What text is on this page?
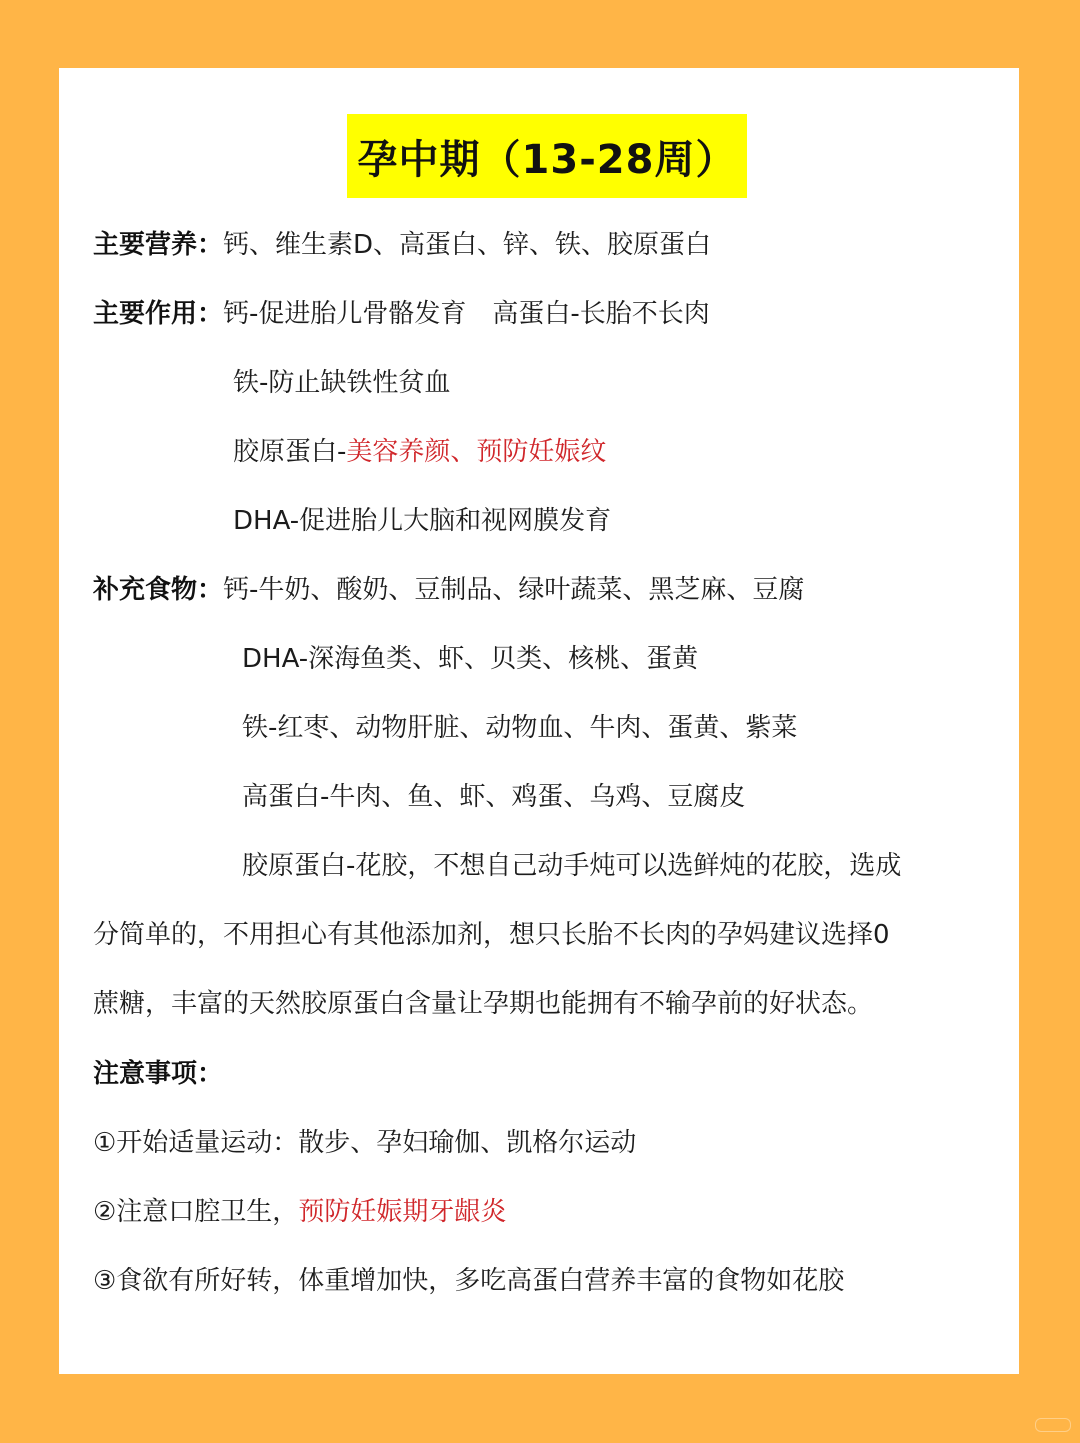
孕中期（13-28周）
主要营养：钙、维生素D、高蛋白、锌、铁、胶原蛋白
主要作用：钙-促进胎儿骨骼发育　高蛋白-长胎不长肉
铁-防止缺铁性贫血
胶原蛋白-美容养颜、预防妊娠纹
DHA-促进胎儿大脑和视网膜发育
补充食物：钙-牛奶、酸奶、豆制品、绿叶蔬菜、黑芝麻、豆腐
DHA-深海鱼类、虾、贝类、核桃、蛋黄
铁-红枣、动物肝脏、动物血、牛肉、蛋黄、紫菜
高蛋白-牛肉、鱼、虾、鸡蛋、乌鸡、豆腐皮
胶原蛋白-花胶，不想自己动手炖可以选鲜炖的花胶，选成
分简单的，不用担心有其他添加剂，想只长胎不长肉的孕妈建议选择0
蔗糖，丰富的天然胶原蛋白含量让孕期也能拥有不输孕前的好状态。
注意事项：
①开始适量运动：散步、孕妇瑜伽、凯格尔运动
②注意口腔卫生，预防妊娠期牙龈炎
③食欲有所好转，体重增加快，多吃高蛋白营养丰富的食物如花胶
